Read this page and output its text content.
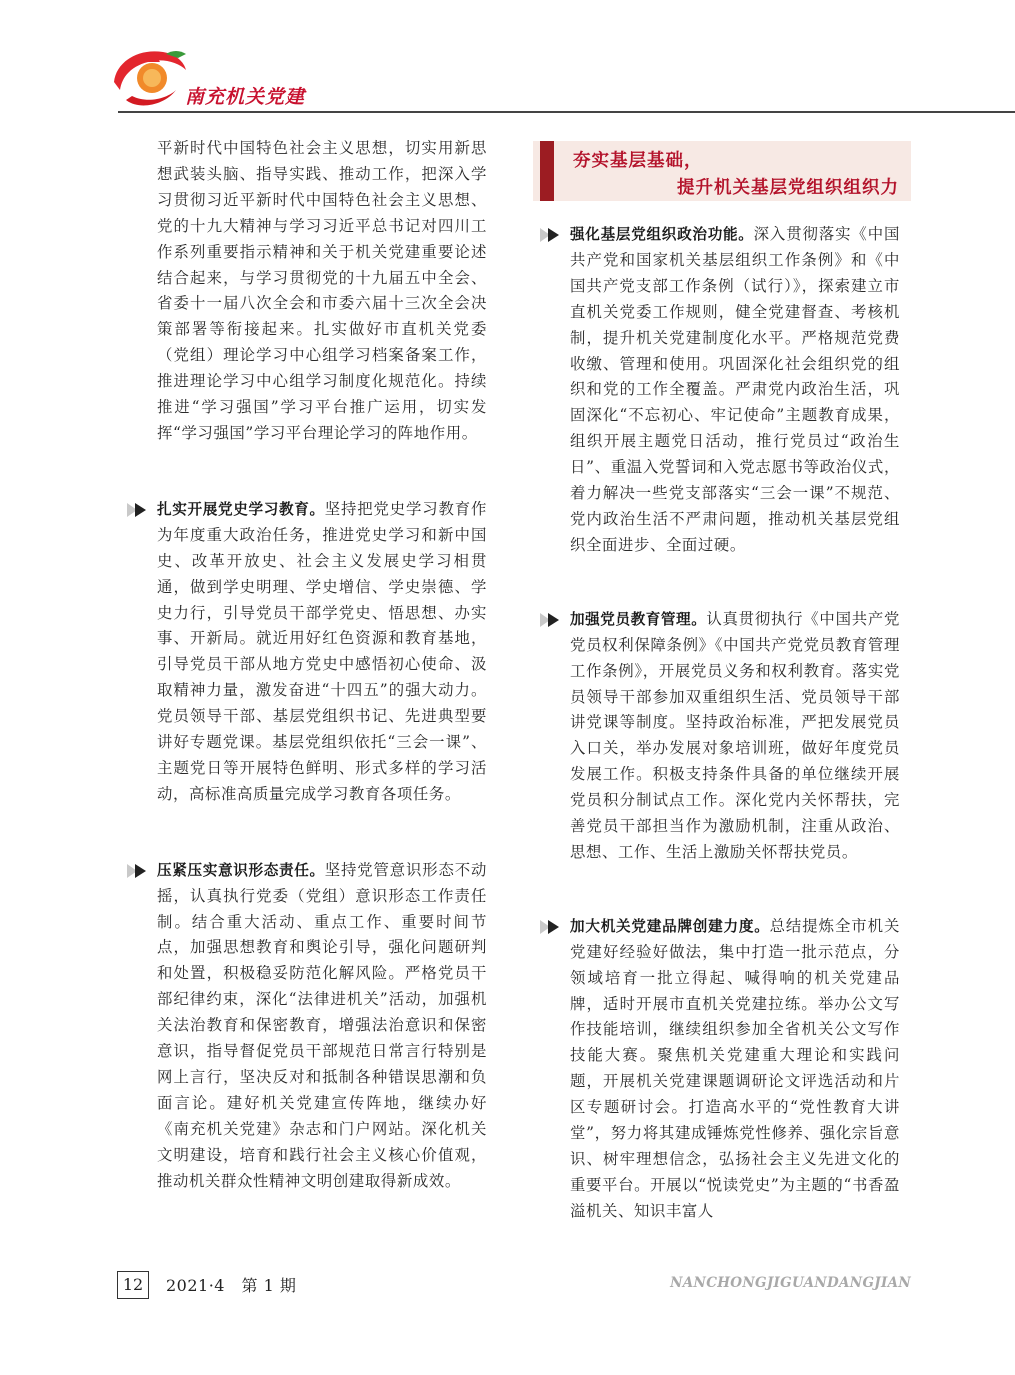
南充机关党建

平新时代中国特色社会主义思想，切实用新思想武装头脑、指导实践、推动工作，把深入学习贯彻习近平新时代中国特色社会主义思想、党的十九大精神与学习习近平总书记对四川工作系列重要指示精神和关于机关党建重要论述结合起来，与学习贯彻党的十九届五中全会、省委十一届八次全会和市委六届十三次全会决策部署等衔接起来。扎实做好市直机关党委（党组）理论学习中心组学习档案备案工作，推进理论学习中心组学习制度化规范化。持续推进“学习强国”学习平台推广运用，切实发挥“学习强国”学习平台理论学习的阵地作用。

扎实开展党史学习教育。坚持把党史学习教育作为年度重大政治任务，推进党史学习和新中国史、改革开放史、社会主义发展史学习相贯通，做到学史明理、学史增信、学史崇德、学史力行，引导党员干部学党史、悟思想、办实事、开新局。就近用好红色资源和教育基地，引导党员干部从地方党史中感悟初心使命、汲取精神力量，激发奋进“十四五”的强大动力。党员领导干部、基层党组织书记、先进典型要讲好专题党课。基层党组织依托“三会一课”、主题党日等开展特色鲜明、形式多样的学习活动，高标准高质量完成学习教育各项任务。

压紧压实意识形态责任。坚持党管意识形态不动摇，认真执行党委（党组）意识形态工作责任制。结合重大活动、重点工作、重要时间节点，加强思想教育和舆论引导，强化问题研判和处置，积极稳妥防范化解风险。严格党员干部纪律约束，深化“法律进机关”活动，加强机关法治教育和保密教育，增强法治意识和保密意识，指导督促党员干部规范日常言行特别是网上言行，坚决反对和抵制各种错误思潮和负面言论。建好机关党建宣传阵地，继续办好《南充机关党建》杂志和门户网站。深化机关文明建设，培育和践行社会主义核心价值观，推动机关群众性精神文明创建取得新成效。

夯实基层基础，
提升机关基层党组织组织力

强化基层党组织政治功能。深入贯彻落实《中国共产党和国家机关基层组织工作条例》和《中国共产党支部工作条例（试行）》，探索建立市直机关党委工作规则，健全党建督查、考核机制，提升机关党建制度化水平。严格规范党费收缴、管理和使用。巩固深化社会组织党的组织和党的工作全覆盖。严肃党内政治生活，巩固深化“不忘初心、牢记使命”主题教育成果，组织开展主题党日活动，推行党员过“政治生日”、重温入党誓词和入党志愿书等政治仪式，着力解决一些党支部落实“三会一课”不规范、党内政治生活不严肃问题，推动机关基层党组织全面进步、全面过硬。

加强党员教育管理。认真贯彻执行《中国共产党党员权利保障条例》《中国共产党党员教育管理工作条例》，开展党员义务和权利教育。落实党员领导干部参加双重组织生活、党员领导干部讲党课等制度。坚持政治标准，严把发展党员入口关，举办发展对象培训班，做好年度党员发展工作。积极支持条件具备的单位继续开展党员积分制试点工作。深化党内关怀帮扶，完善党员干部担当作为激励机制，注重从政治、思想、工作、生活上激励关怀帮扶党员。

加大机关党建品牌创建力度。总结提炼全市机关党建好经验好做法，集中打造一批示范点，分领域培育一批立得起、喊得响的机关党建品牌，适时开展市直机关党建拉练。举办公文写作技能培训，继续组织参加全省机关公文写作技能大赛。聚焦机关党建重大理论和实践问题，开展机关党建课题调研论文评选活动和片区专题研讨会。打造高水平的“党性教育大讲堂”，努力将其建成锤炼党性修养、强化宗旨意识、树牢理想信念，弘扬社会主义先进文化的重要平台。开展以“悦读党史”为主题的“书香盈溢机关、知识丰富人

12	2021·4　第 1 期	NANCHONGJIGUANDANGJIAN
